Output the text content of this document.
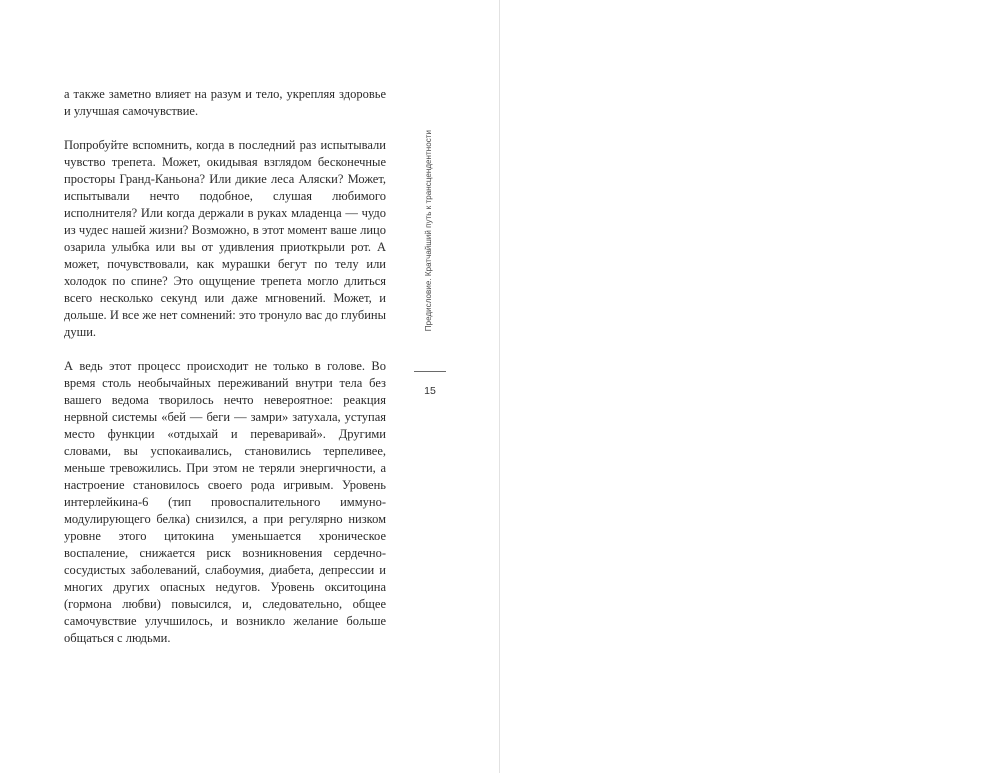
а также заметно влияет на разум и тело, укрепляя здоровье и улучшая самочувствие.

Попробуйте вспомнить, когда в последний раз испытывали чувство трепета. Может, окидывая взглядом бесконечные просторы Гранд-Каньона? Или дикие леса Аляски? Может, испытывали нечто подобное, слушая любимого исполнителя? Или когда держали в руках младенца — чудо из чудес нашей жизни? Возможно, в этот момент ваше лицо озарила улыбка или вы от удивления приоткрыли рот. А может, почувствовали, как мурашки бегут по телу или холодок по спине? Это ощущение трепета могло длиться всего несколько секунд или даже мгновений. Может, и дольше. И все же нет сомнений: это тронуло вас до глубины души.

А ведь этот процесс происходит не только в голове. Во время столь необычайных переживаний внутри тела без вашего ведома творилось нечто невероятное: реакция нервной системы «бей — беги — замри» затухала, уступая место функции «отдыхай и переваривай». Другими словами, вы успокаивались, становились терпеливее, меньше тревожились. При этом не теряли энергичности, а настроение становилось своего рода игривым. Уровень интерлейкина-6 (тип провоспалительного иммуномодулирующего белка) снизился, а при регулярно низком уровне этого цитокина уменьшается хроническое воспаление, снижается риск возникновения сердечно-сосудистых заболеваний, слабоумия, диабета, депрессии и многих других опасных недугов. Уровень окситоцина (гормона любви) повысился, и, следовательно, общее самочувствие улучшилось, и возникло желание больше общаться с людьми.

Предисловие. Кратчайший путь к трансцендентности
15
